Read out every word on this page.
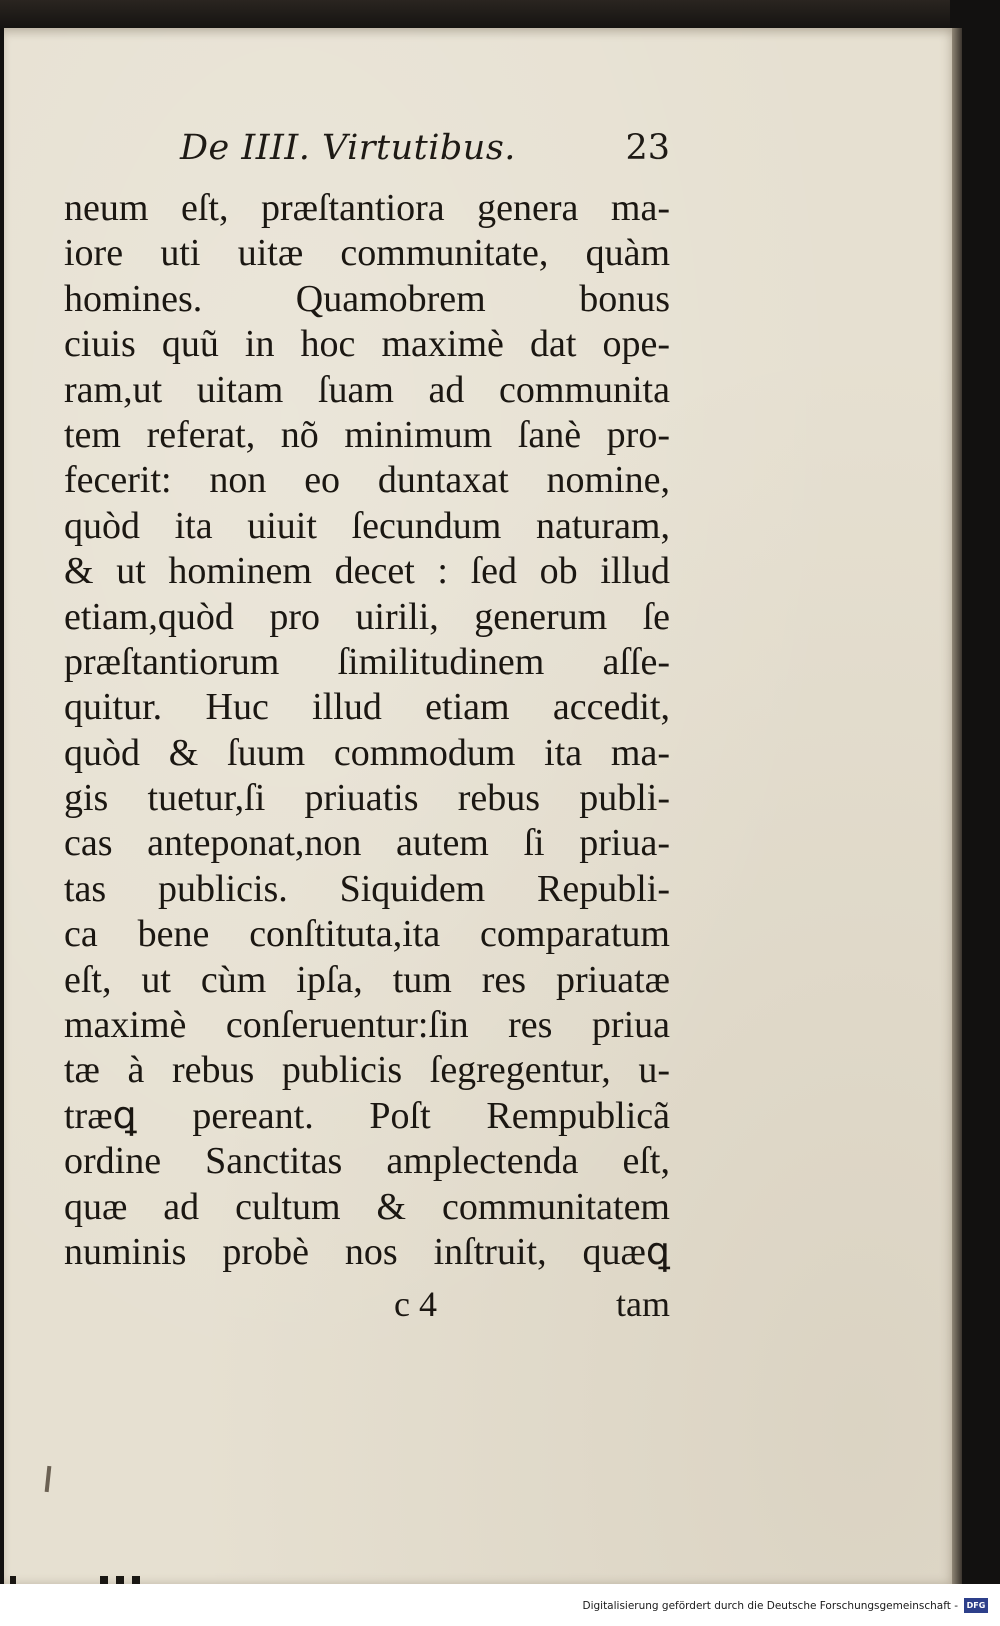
De IIII. Virtutibus.	23
neum eſt, præſtantiora genera ma-
iore uti uitæ communitate, quàm
homines. Quamobrem bonus
ciuis quũ in hoc maximè dat ope-
ram,ut uitam ſuam ad communita
tem referat, nõ minimum ſanè pro-
fecerit: non eo duntaxat nomine,
quòd ita uiuit ſecundum naturam,
& ut hominem decet : ſed ob illud
etiam,quòd pro uirili, generum ſe
præſtantiorum ſimilitudinem aſſe-
quitur. Huc illud etiam accedit,
quòd & ſuum commodum ita ma-
gis tuetur,ſi priuatis rebus publi-
cas anteponat,non autem ſi priua-
tas publicis. Siquidem Republi-
ca bene conſtituta,ita comparatum
eſt, ut cùm ipſa, tum res priuatæ
maximè conſeruentur:ſin res priua
tæ à rebus publicis ſegregentur, u-
træꝗ pereant. Poſt Rempublicã
ordine Sanctitas amplectenda eſt,
quæ ad cultum & communitatem
numinis probè nos inſtruit, quæꝗ
c 4	tam
Digitalisierung gefördert durch die Deutsche Forschungsgemeinschaft -	DFG
